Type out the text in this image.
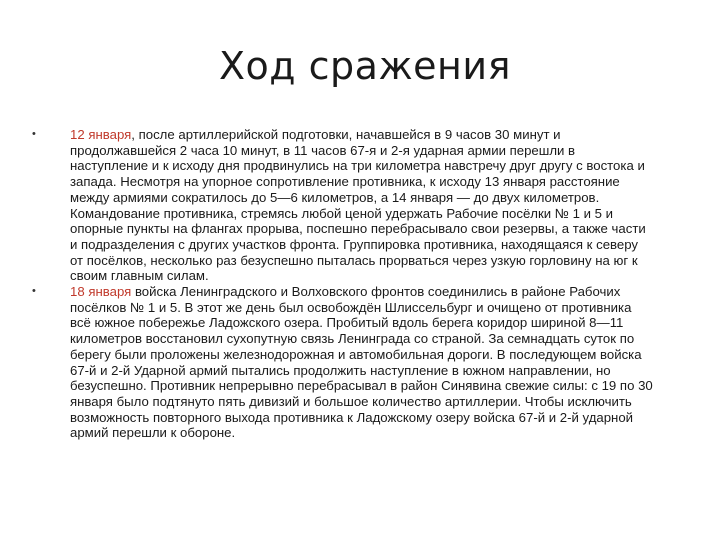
Ход сражения
•	12 января, после артиллерийской подготовки, начавшейся в 9 часов 30 минут и продолжавшейся 2 часа 10 минут, в 11 часов 67-я и 2-я ударная армии перешли в наступление и к исходу дня продвинулись на три километра навстречу друг другу с востока и запада. Несмотря на упорное сопротивление противника, к исходу 13 января расстояние между армиями сократилось до 5—6 километров, а 14 января — до двух километров. Командование противника, стремясь любой ценой удержать Рабочие посёлки № 1 и 5 и опорные пункты на флангах прорыва, поспешно перебрасывало свои резервы, а также части и подразделения с других участков фронта. Группировка противника, находящаяся к северу от посёлков, несколько раз безуспешно пыталась прорваться через узкую горловину на юг к своим главным силам.
•	18 января войска Ленинградского и Волховского фронтов соединились в районе Рабочих посёлков № 1 и 5. В этот же день был освобождён Шлиссельбург и очищено от противника всё южное побережье Ладожского озера. Пробитый вдоль берега коридор шириной 8—11 километров восстановил сухопутную связь Ленинграда со страной. За семнадцать суток по берегу были проложены железнодорожная и автомобильная дороги. В последующем войска 67-й и 2-й Ударной армий пытались продолжить наступление в южном направлении, но безуспешно. Противник непрерывно перебрасывал в район Синявина свежие силы: с 19 по 30 января было подтянуто пять дивизий и большое количество артиллерии. Чтобы исключить возможность повторного выхода противника к Ладожскому озеру войска 67-й и 2-й ударной армий перешли к обороне.
